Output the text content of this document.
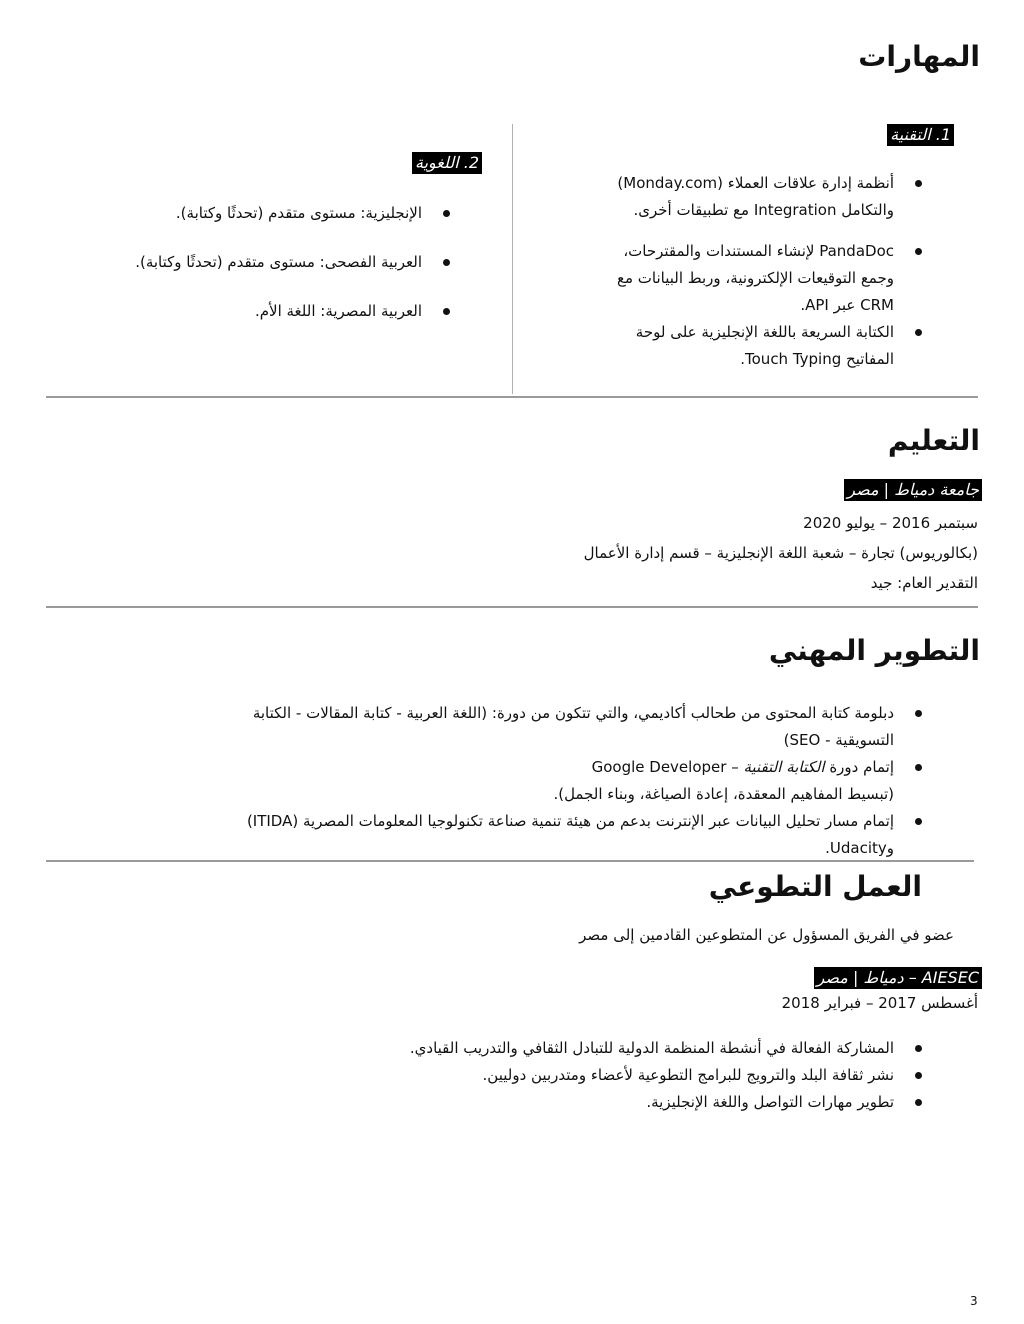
المهارات
1. التقنية
أنظمة إدارة علاقات العملاء (Monday.com)
والتكامل Integration مع تطبيقات أخرى.
PandaDoc لإنشاء المستندات والمقترحات،
وجمع التوقيعات الإلكترونية، وربط البيانات مع
CRM عبر API.
الكتابة السريعة باللغة الإنجليزية على لوحة
المفاتيح Touch Typing.
2. اللغوية
الإنجليزية: مستوى متقدم (تحدثًا وكتابة).
العربية الفصحى: مستوى متقدم (تحدثًا وكتابة).
العربية المصرية: اللغة الأم.
التعليم
جامعة دمياط | مصر
سبتمبر 2016 – يوليو 2020
(بكالوريوس) تجارة – شعبة اللغة الإنجليزية – قسم إدارة الأعمال
التقدير العام: جيد
التطوير المهني
دبلومة كتابة المحتوى من طحالب أكاديمي، والتي تتكون من دورة: (اللغة العربية - كتابة المقالات - الكتابة
التسويقية - SEO)
إتمام دورة الكتابة التقنية – Google Developer
(تبسيط المفاهيم المعقدة، إعادة الصياغة، وبناء الجمل).
إتمام مسار تحليل البيانات عبر الإنترنت بدعم من هيئة تنمية صناعة تكنولوجيا المعلومات المصرية (ITIDA)
وUdacity.
العمل التطوعي
عضو في الفريق المسؤول عن المتطوعين القادمين إلى مصر
AIESEC – دمياط | مصر
أغسطس 2017 – فبراير 2018
المشاركة الفعالة في أنشطة المنظمة الدولية للتبادل الثقافي والتدريب القيادي.
نشر ثقافة البلد والترويج للبرامج التطوعية لأعضاء ومتدربين دوليين.
تطوير مهارات التواصل واللغة الإنجليزية.
3
